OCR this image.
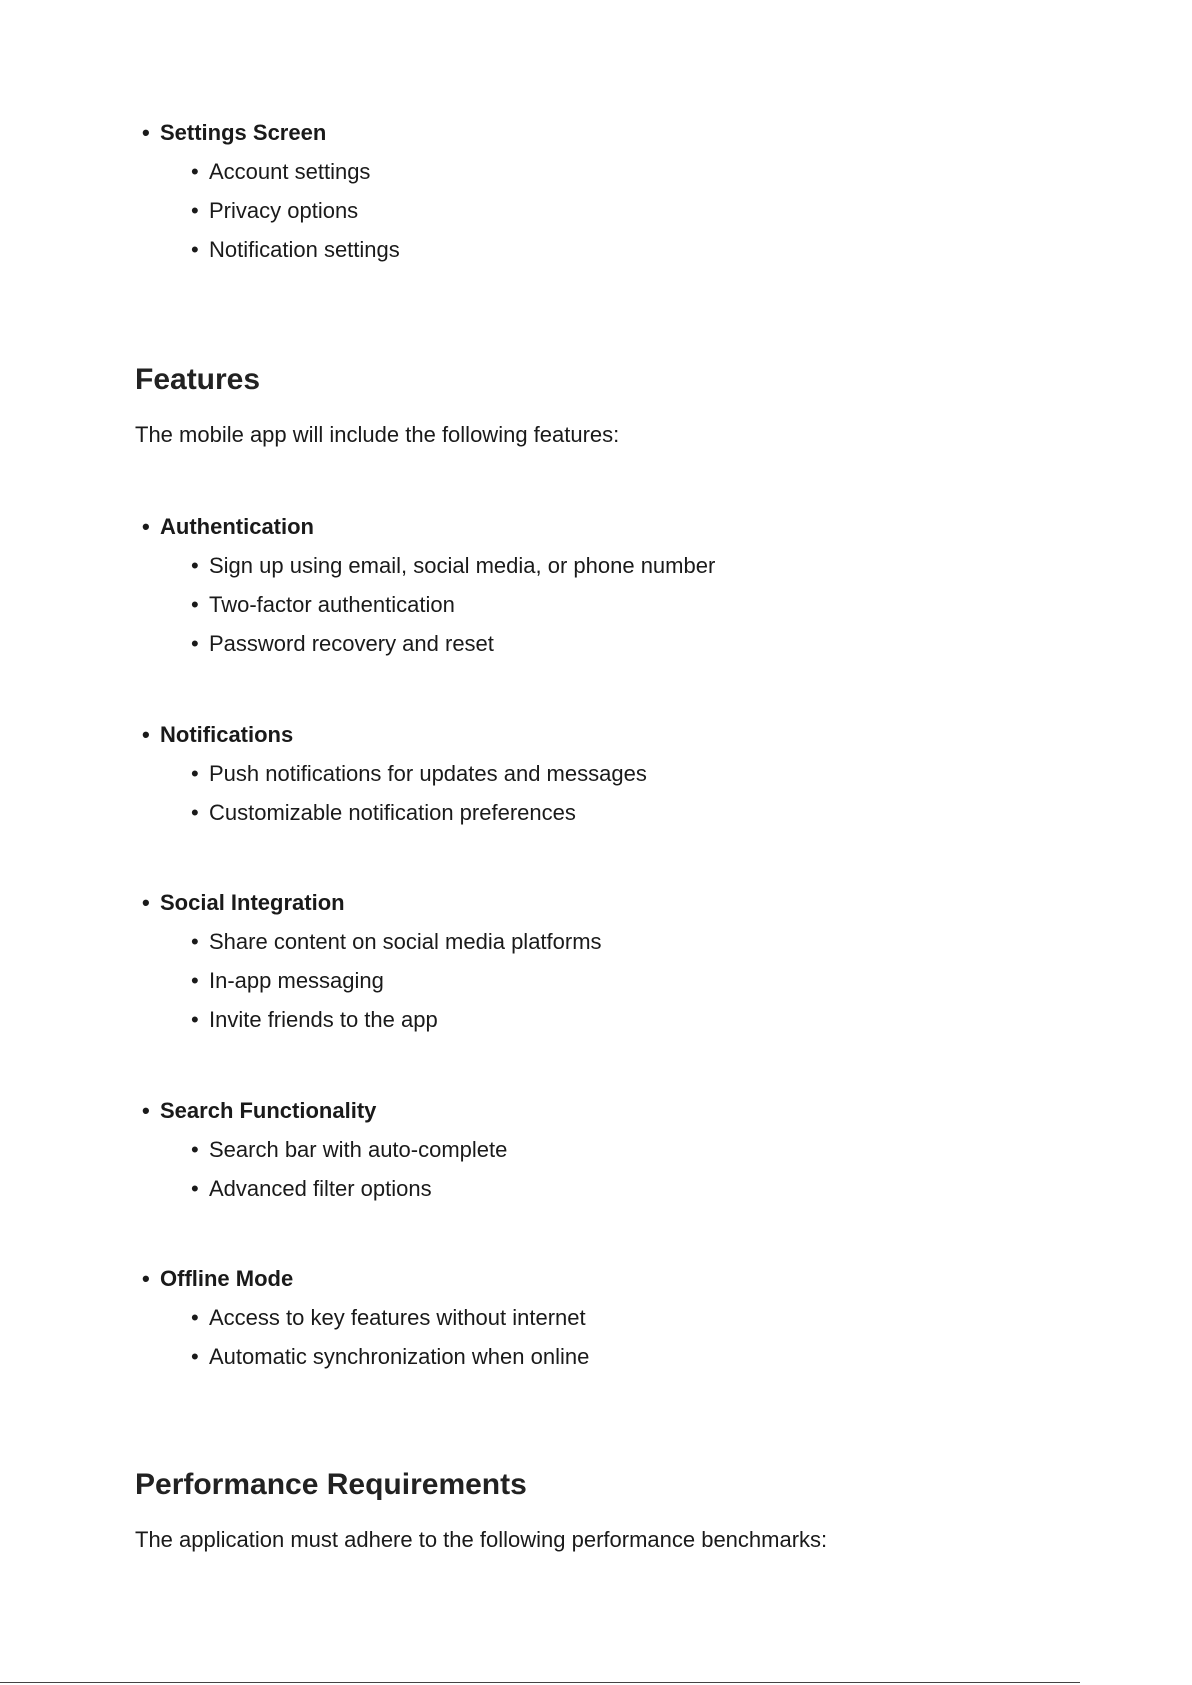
• Settings Screen
• Account settings
• Privacy options
• Notification settings
Features

The mobile app will include the following features:

• Authentication
• Sign up using email, social media, or phone number
• Two-factor authentication
• Password recovery and reset
• Notifications
• Push notifications for updates and messages
• Customizable notification preferences
• Social Integration
• Share content on social media platforms
• In-app messaging
• Invite friends to the app
• Search Functionality
• Search bar with auto-complete
• Advanced filter options
• Offline Mode
• Access to key features without internet
• Automatic synchronization when online
Performance Requirements

The application must adhere to the following performance benchmarks:
